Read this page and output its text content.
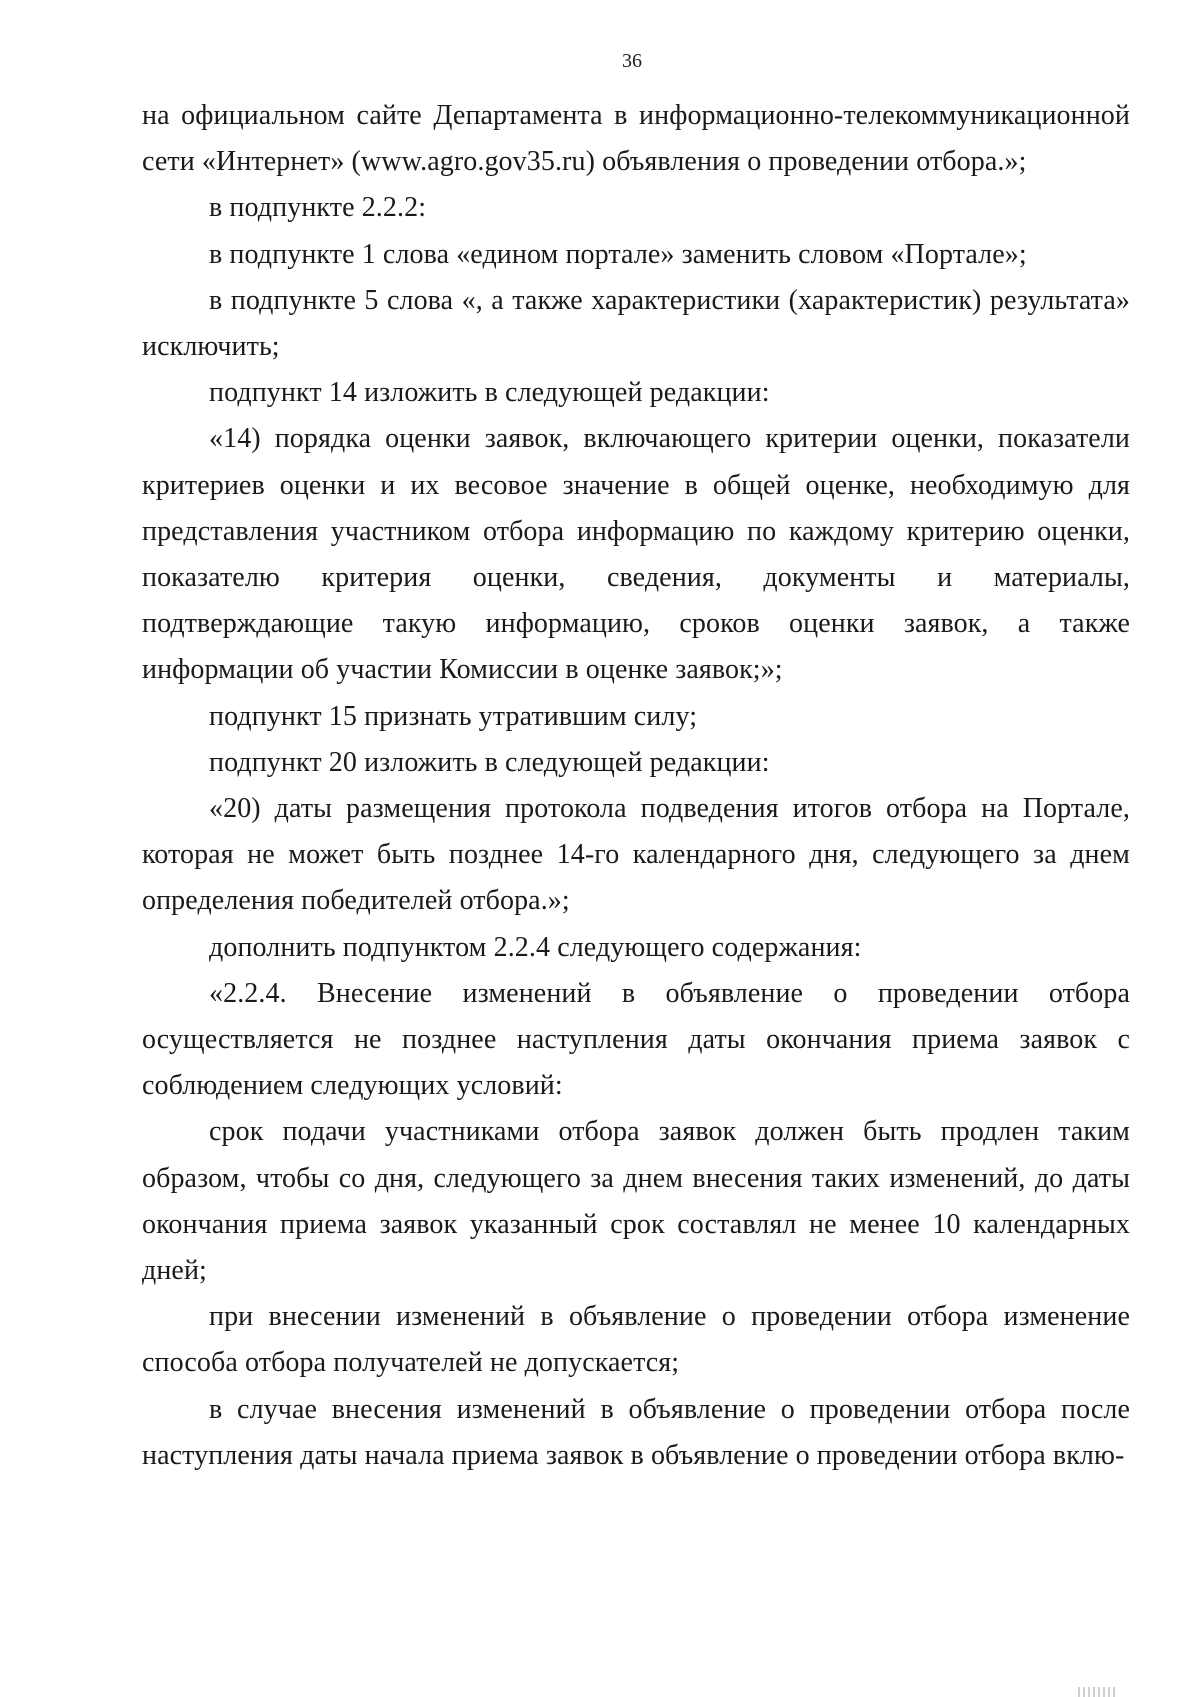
36

на официальном сайте Департамента в информационно-телекоммуникационной сети «Интернет» (www.agro.gov35.ru) объявления о проведении отбора.»;

в подпункте 2.2.2:

в подпункте 1 слова «едином портале» заменить словом «Портале»;

в подпункте 5 слова «, а также характеристики (характеристик) результата» исключить;

подпункт 14 изложить в следующей редакции:

«14) порядка оценки заявок, включающего критерии оценки, показатели критериев оценки и их весовое значение в общей оценке, необходимую для представления участником отбора информацию по каждому критерию оценки, показателю критерия оценки, сведения, документы и материалы, подтверждающие такую информацию, сроков оценки заявок, а также информации об участии Комиссии в оценке заявок;»;

подпункт 15 признать утратившим силу;

подпункт 20 изложить в следующей редакции:

«20) даты размещения протокола подведения итогов отбора на Портале, которая не может быть позднее 14-го календарного дня, следующего за днем определения победителей отбора.»;

дополнить подпунктом 2.2.4 следующего содержания:

«2.2.4. Внесение изменений в объявление о проведении отбора осуществляется не позднее наступления даты окончания приема заявок с соблюдением следующих условий:

срок подачи участниками отбора заявок должен быть продлен таким образом, чтобы со дня, следующего за днем внесения таких изменений, до даты окончания приема заявок указанный срок составлял не менее 10 календарных дней;

при внесении изменений в объявление о проведении отбора изменение способа отбора получателей не допускается;

в случае внесения изменений в объявление о проведении отбора после наступления даты начала приема заявок в объявление о проведении отбора вклю-
